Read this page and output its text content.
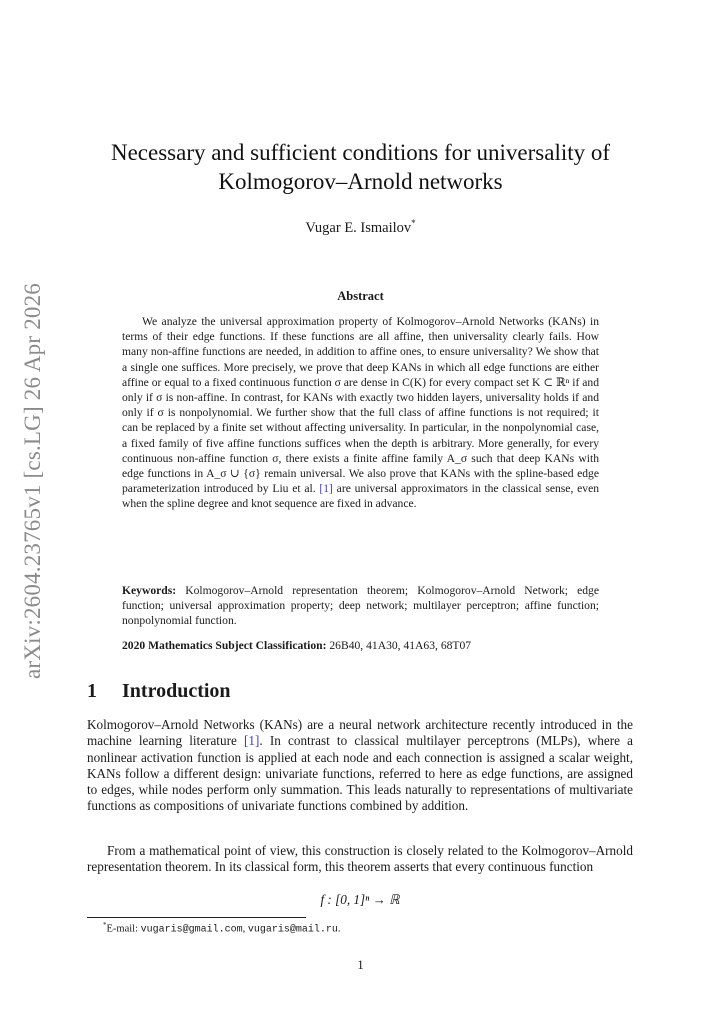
arXiv:2604.23765v1 [cs.LG] 26 Apr 2026
Necessary and sufficient conditions for universality of
Kolmogorov–Arnold networks
Vugar E. Ismailov*
Abstract

We analyze the universal approximation property of Kolmogorov–Arnold Networks (KANs) in terms of their edge functions. If these functions are all affine, then universality clearly fails. How many non-affine functions are needed, in addition to affine ones, to ensure universality? We show that a single one suffices. More precisely, we prove that deep KANs in which all edge functions are either affine or equal to a fixed continuous function σ are dense in C(K) for every compact set K ⊂ ℝⁿ if and only if σ is non-affine. In contrast, for KANs with exactly two hidden layers, universality holds if and only if σ is nonpolynomial. We further show that the full class of affine functions is not required; it can be replaced by a finite set without affecting universality. In particular, in the nonpolynomial case, a fixed family of five affine functions suffices when the depth is arbitrary. More generally, for every continuous non-affine function σ, there exists a finite affine family A_σ such that deep KANs with edge functions in A_σ ∪ {σ} remain universal. We also prove that KANs with the spline-based edge parameterization introduced by Liu et al. [1] are universal approximators in the classical sense, even when the spline degree and knot sequence are fixed in advance.

Keywords: Kolmogorov–Arnold representation theorem; Kolmogorov–Arnold Network; edge function; universal approximation property; deep network; multilayer perceptron; affine function; nonpolynomial function.

2020 Mathematics Subject Classification: 26B40, 41A30, 41A63, 68T07

1 Introduction

Kolmogorov–Arnold Networks (KANs) are a neural network architecture recently introduced in the machine learning literature [1]. In contrast to classical multilayer perceptrons (MLPs), where a nonlinear activation function is applied at each node and each connection is assigned a scalar weight, KANs follow a different design: univariate functions, referred to here as edge functions, are assigned to edges, while nodes perform only summation. This leads naturally to representations of multivariate functions as compositions of univariate functions combined by addition.

From a mathematical point of view, this construction is closely related to the Kolmogorov–Arnold representation theorem. In its classical form, this theorem asserts that every continuous function

f : [0, 1]ⁿ → ℝ
*E-mail: vugaris@gmail.com, vugaris@mail.ru.
1
